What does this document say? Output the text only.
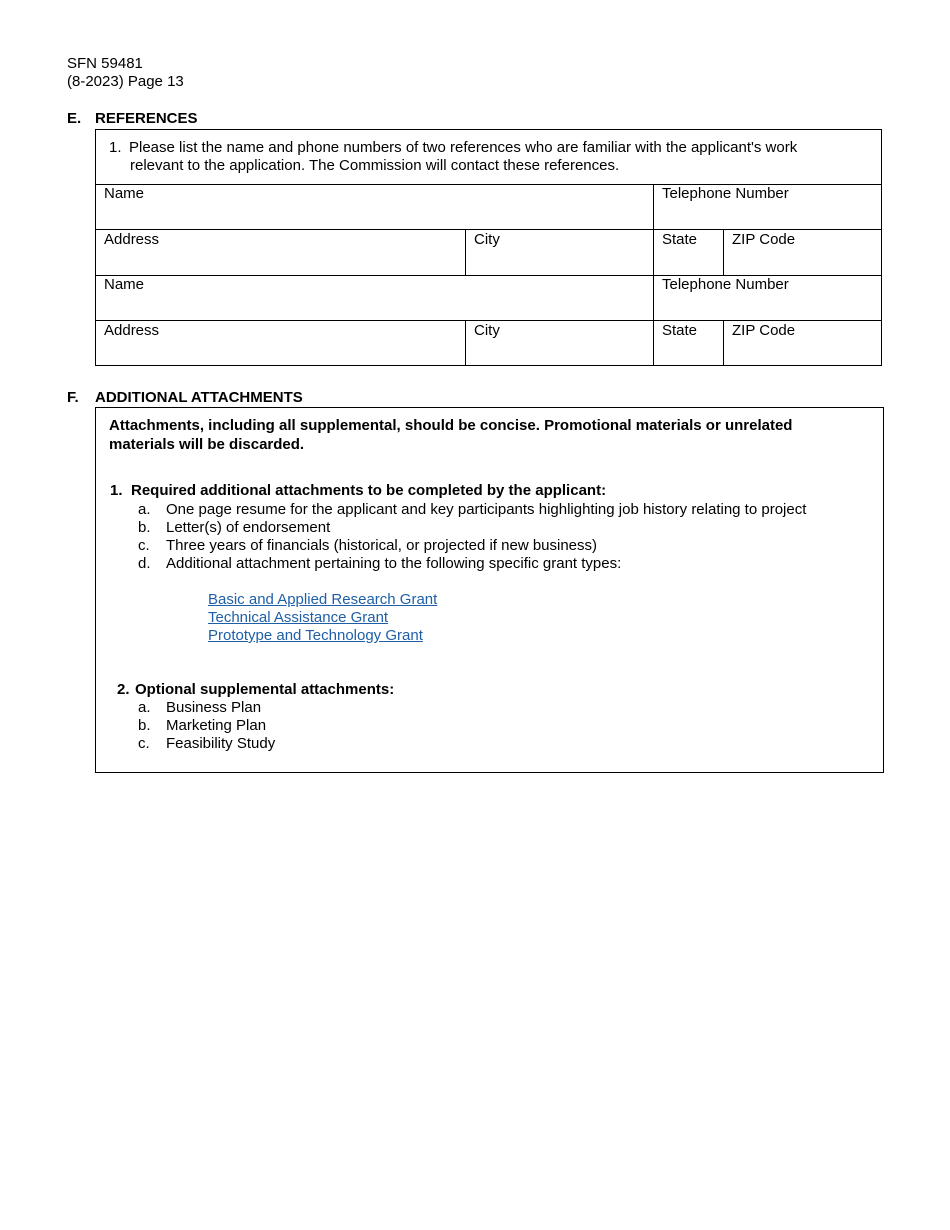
SFN 59481
(8-2023) Page 13
E. REFERENCES
1. Please list the name and phone numbers of two references who are familiar with the applicant's work
relevant to the application. The Commission will contact these references.
Name	Telephone Number
Address	City	State ZIP Code
Name	Telephone Number
Address	City	State ZIP Code
F. ADDITIONAL ATTACHMENTS
Attachments, including all supplemental, should be concise. Promotional materials or unrelated
materials will be discarded.
1. Required additional attachments to be completed by the applicant:
a. One page resume for the applicant and key participants highlighting job history relating to project
b. Letter(s) of endorsement
c. Three years of financials (historical, or projected if new business)
d. Additional attachment pertaining to the following specific grant types:
Basic and Applied Research Grant
Technical Assistance Grant
Prototype and Technology Grant
2. Optional supplemental attachments:
a. Business Plan
b. Marketing Plan
c. Feasibility Study
